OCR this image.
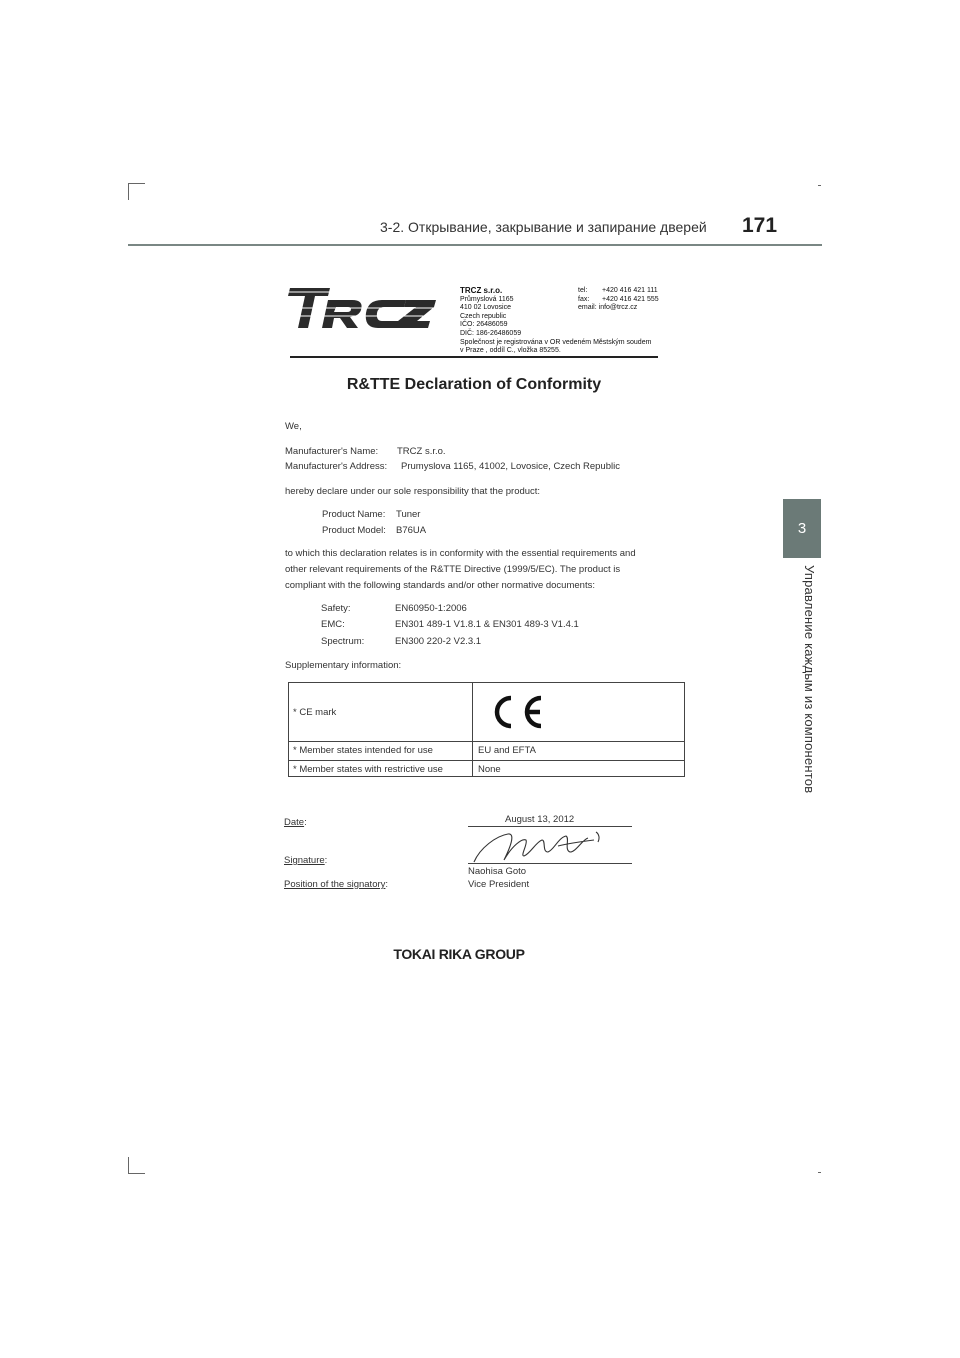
3-2. Открывание, закрывание и запирание дверей 171
3
Управление каждым из компонентов
TRCZ s.r.o.
Průmyslová 1165
410 02 Lovosice
Czech republic
IČO: 26486059
DIČ: 186-26486059
Společnost je registrována v OR vedeném Městským soudem
v Praze , oddíl C., vložka 85255.
tel: +420 416 421 111
fax: +420 416 421 555
email: info@trcz.cz
R&TTE Declaration of Conformity
We,
Manufacturer's Name: TRCZ s.r.o.
Manufacturer's Address: Prumyslova 1165, 41002, Lovosice, Czech Republic
hereby declare under our sole responsibility that the product:
Product Name: Tuner
Product Model: B76UA
to which this declaration relates is in conformity with the essential requirements and
other relevant requirements of the R&TTE Directive (1999/5/EC). The product is
compliant with the following standards and/or other normative documents:
Safety:	EN60950-1:2006
EMC:	EN301 489-1 V1.8.1 & EN301 489-3 V1.4.1
Spectrum:	EN300 220-2 V2.3.1
Supplementary information:
* CE mark
* Member states intended for use	EU and EFTA
* Member states with restrictive use	None
Date:	August 13, 2012
Signature:
Naohisa Goto
Position of the signatory:	Vice President
TOKAI RIKA GROUP
